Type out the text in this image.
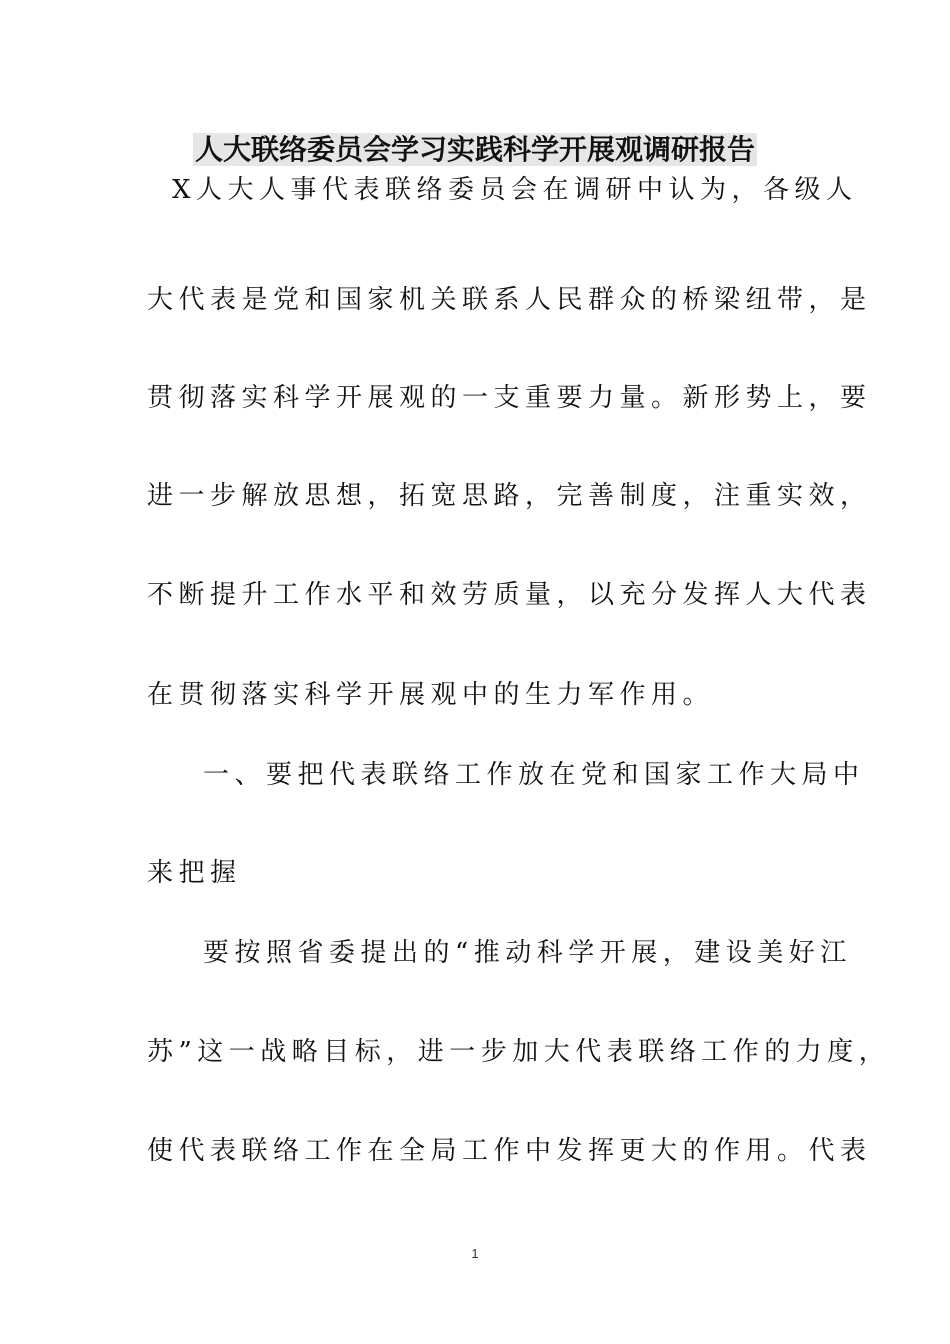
人大联络委员会学习实践科学开展观调研报告
X人大人事代表联络委员会在调研中认为，各级人
大代表是党和国家机关联系人民群众的桥梁纽带，是
贯彻落实科学开展观的一支重要力量。新形势上，要
进一步解放思想，拓宽思路，完善制度，注重实效，
不断提升工作水平和效劳质量，以充分发挥人大代表
在贯彻落实科学开展观中的生力军作用。
一、要把代表联络工作放在党和国家工作大局中
来把握
要按照省委提出的“推动科学开展，建设美好江
苏”这一战略目标，进一步加大代表联络工作的力度，
使代表联络工作在全局工作中发挥更大的作用。代表
1
